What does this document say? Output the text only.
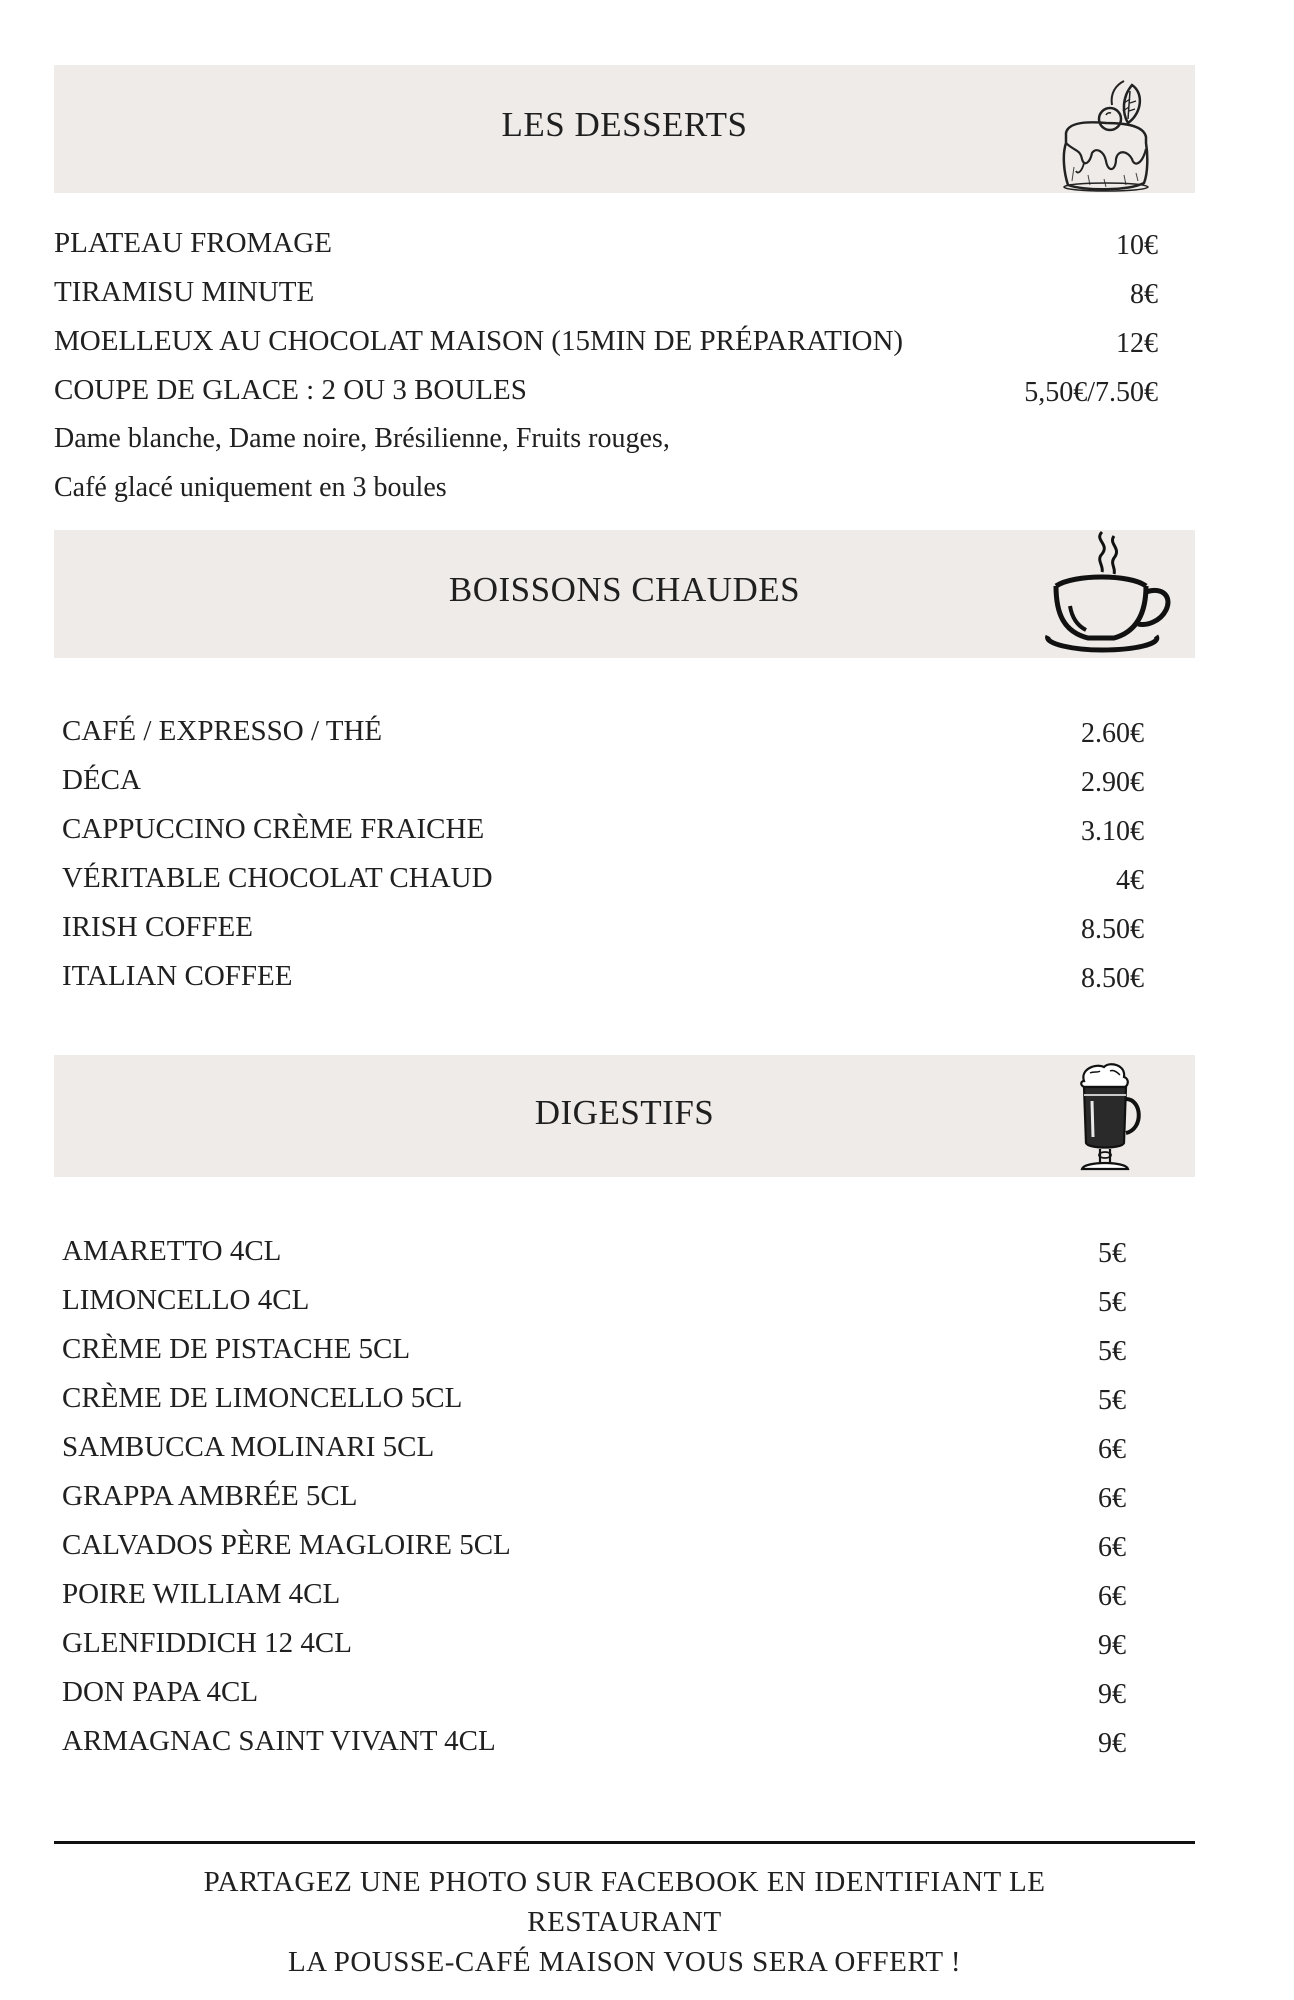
LES DESSERTS
PLATEAU FROMAGE	10€
TIRAMISU MINUTE	8€
MOELLEUX AU CHOCOLAT MAISON (15MIN DE PRÉPARATION)	12€
COUPE DE GLACE : 2 OU 3 BOULES	5,50€/7.50€
Dame blanche, Dame noire, Brésilienne, Fruits rouges,
Café glacé uniquement en 3 boules
BOISSONS CHAUDES
CAFÉ / EXPRESSO / THÉ	2.60€
DÉCA	2.90€
CAPPUCCINO CRÈME FRAICHE	3.10€
VÉRITABLE CHOCOLAT CHAUD	4€
IRISH COFFEE	8.50€
ITALIAN COFFEE	8.50€
DIGESTIFS
AMARETTO 4CL	5€
LIMONCELLO 4CL	5€
CRÈME DE PISTACHE 5CL	5€
CRÈME DE LIMONCELLO 5CL	5€
SAMBUCCA MOLINARI 5CL	6€
GRAPPA AMBRÉE 5CL	6€
CALVADOS PÈRE MAGLOIRE 5CL	6€
POIRE WILLIAM 4CL	6€
GLENFIDDICH 12 4CL	9€
DON PAPA 4CL	9€
ARMAGNAC SAINT VIVANT 4CL	9€
PARTAGEZ UNE PHOTO SUR FACEBOOK EN IDENTIFIANT LE
RESTAURANT
LA POUSSE-CAFÉ MAISON VOUS SERA OFFERT !
